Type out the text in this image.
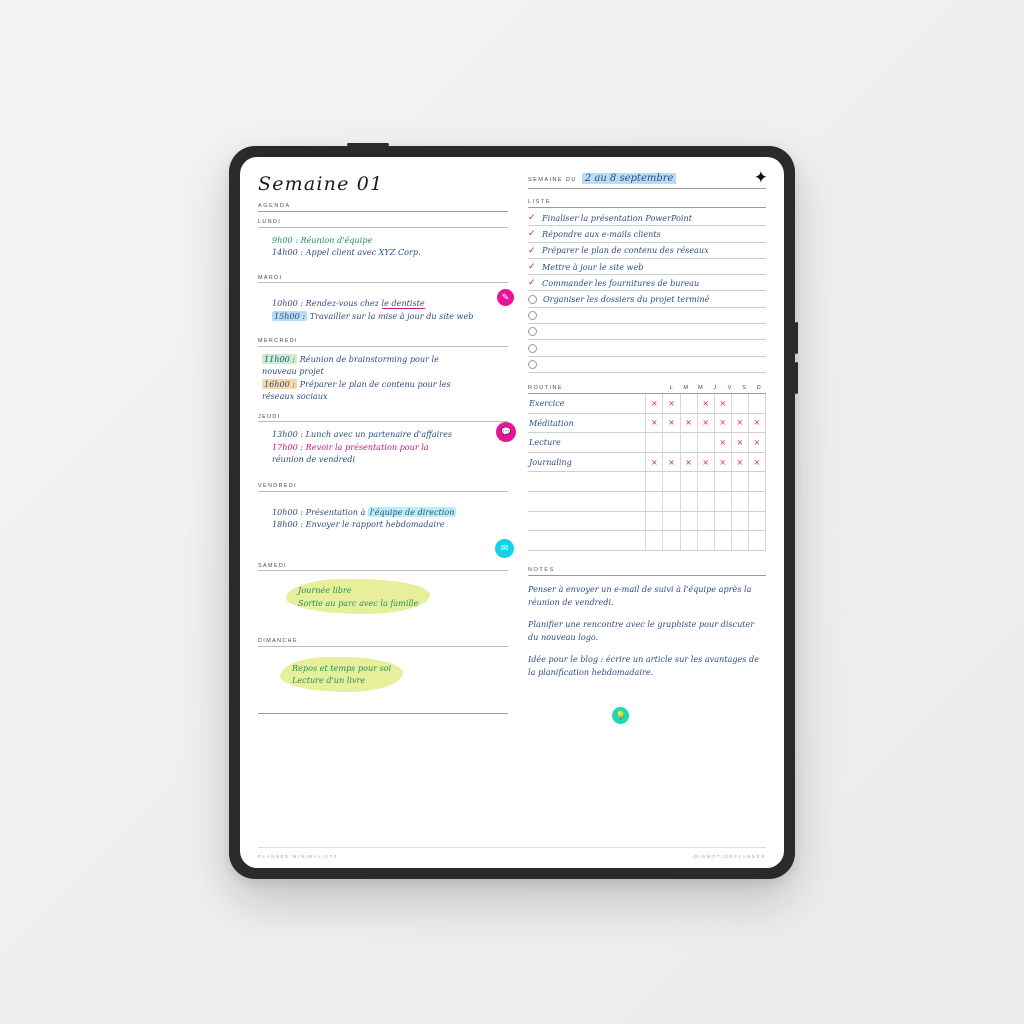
Semaine 01
AGENDA
LUNDI
9h00 : Réunion d'équipe
14h00 : Appel client avec XYZ Corp.
MARDI
10h00 : Rendez-vous chez le dentiste
15h00 : Travailler sur la mise à jour du site web
✎
MERCREDI
11h00 : Réunion de brainstorming pour le
nouveau projet
16h00 : Préparer le plan de contenu pour les
réseaux sociaux
JEUDI
13h00 : Lunch avec un partenaire d'affaires
17h00 : Revoir la présentation pour la
réunion de vendredi
💬
VENDREDI
10h00 : Présentation à l'équipe de direction
18h00 : Envoyer le rapport hebdomadaire
✉
SAMEDI
Journée libre
Sortie au parc avec la famille
DIMANCHE
Repos et temps pour soi
Lecture d'un livre
SEMAINE DU 2 au 8 septembre	✦
LISTE
✓ Finaliser la présentation PowerPoint
✓ Répondre aux e-mails clients
✓ Préparer le plan de contenu des réseaux
✓ Mettre à jour le site web
✓ Commander les fournitures de bureau
Organiser les dossiers du projet terminé
ROUTINE	L	M	M	J	V	S	D
Exercice	×	×		×	×		
Méditation	×	×	×	×	×	×	×
Lecture					×	×	×
Journaling	×	×	×	×	×	×	×

NOTES

Penser à envoyer un e-mail de suivi à l'équipe après la réunion de vendredi.

Planifier une rencontre avec le graphiste pour discuter du nouveau logo.

Idée pour le blog : écrire un article sur les avantages de la planification hebdomadaire.

💡
PLANNER MINIMALISTE	@INMOTIONPLANNER
